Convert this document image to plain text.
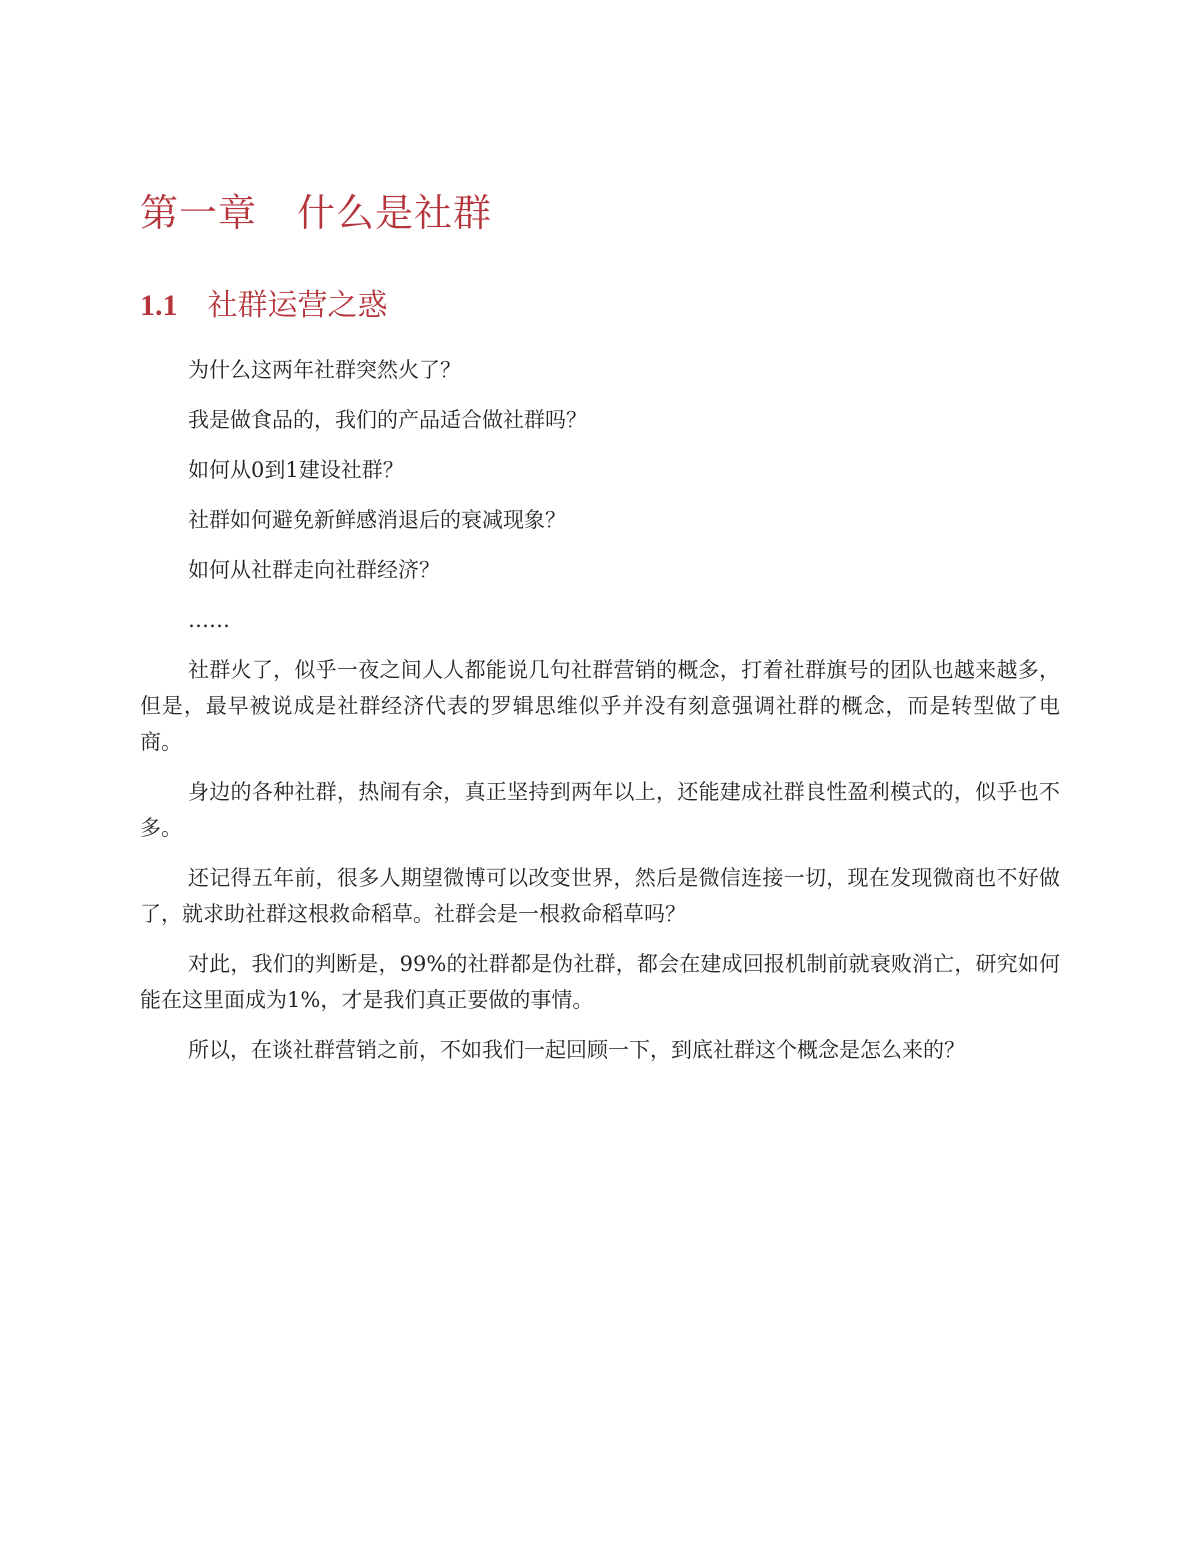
第一章 什么是社群
1.1 社群运营之惑

为什么这两年社群突然火了？

我是做食品的，我们的产品适合做社群吗？

如何从0到1建设社群？

社群如何避免新鲜感消退后的衰减现象？

如何从社群走向社群经济？

……

社群火了，似乎一夜之间人人都能说几句社群营销的概念，打着社群旗号的团队也越来越多，但是，最早被说成是社群经济代表的罗辑思维似乎并没有刻意强调社群的概念，而是转型做了电商。

身边的各种社群，热闹有余，真正坚持到两年以上，还能建成社群良性盈利模式的，似乎也不多。

还记得五年前，很多人期望微博可以改变世界，然后是微信连接一切，现在发现微商也不好做了，就求助社群这根救命稻草。社群会是一根救命稻草吗？

对此，我们的判断是，99%的社群都是伪社群，都会在建成回报机制前就衰败消亡，研究如何能在这里面成为1%，才是我们真正要做的事情。

所以，在谈社群营销之前，不如我们一起回顾一下，到底社群这个概念是怎么来的？
